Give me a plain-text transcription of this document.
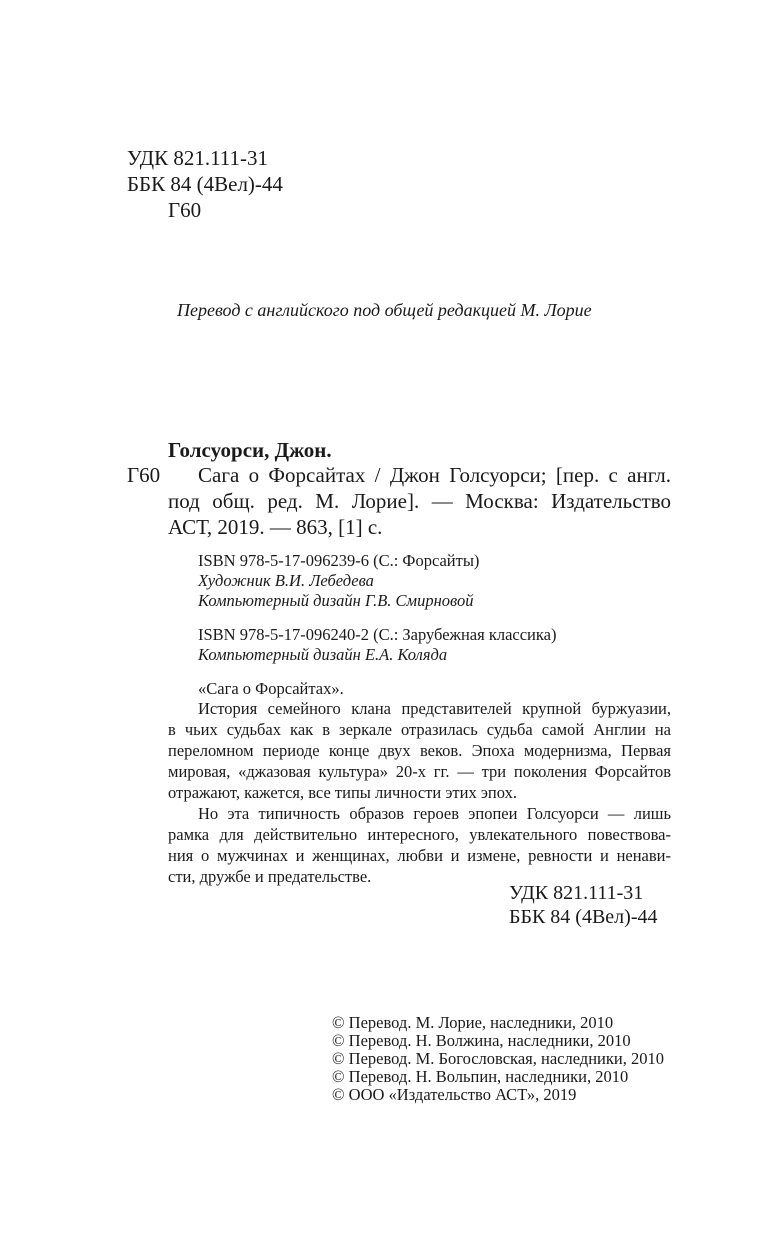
УДК 821.111-31
ББК 84 (4Вел)-44
Г60
Перевод с английского под общей редакцией М. Лорие
Голсуорси, Джон.
Г60	Сага о Форсайтах / Джон Голсуорси; [пер. с англ.
под общ. ред. М. Лорие]. — Москва: Издательство
АСТ, 2019. — 863, [1] с.
ISBN 978-5-17-096239-6 (С.: Форсайты)
Художник В.И. Лебедева
Компьютерный дизайн Г.В. Смирновой
ISBN 978-5-17-096240-2 (С.: Зарубежная классика)
Компьютерный дизайн Е.А. Коляда
«Сага о Форсайтах».
История семейного клана представителей крупной буржуазии,
в чьих судьбах как в зеркале отразилась судьба самой Англии на
переломном периоде конце двух веков. Эпоха модернизма, Первая
мировая, «джазовая культура» 20-х гг. — три поколения Форсайтов
отражают, кажется, все типы личности этих эпох.
Но эта типичность образов героев эпопеи Голсуорси — лишь
рамка для действительно интересного, увлекательного повествова-
ния о мужчинах и женщинах, любви и измене, ревности и ненави-
сти, дружбе и предательстве.
УДК 821.111-31
ББК 84 (4Вел)-44
© Перевод. М. Лорие, наследники, 2010
© Перевод. Н. Волжина, наследники, 2010
© Перевод. М. Богословская, наследники, 2010
© Перевод. Н. Вольпин, наследники, 2010
© ООО «Издательство АСТ», 2019
